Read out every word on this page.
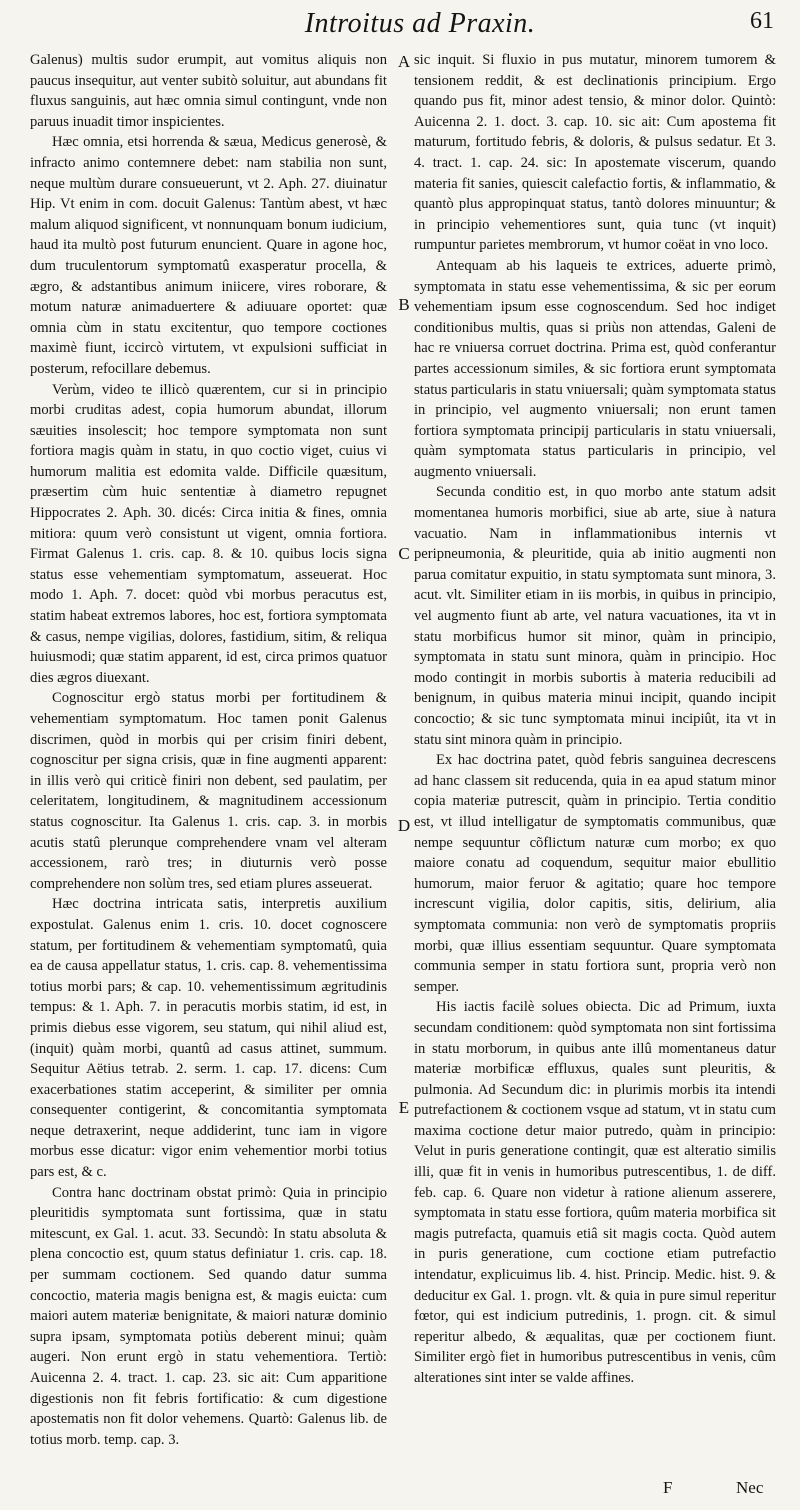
Introitus ad Praxin.	61

Galenus) multis sudor erumpit, aut vomitus aliquis non paucus insequitur, aut venter subitò soluitur, aut abundans fit fluxus sanguinis, aut hæc omnia simul contingunt, vnde non paruus inuadit timor inspicientes.

Hæc omnia, etsi horrenda & sæua, Medicus generosè, & infracto animo contemnere debet: nam stabilia non sunt, neque multùm durare consueuerunt, vt 2. Aph. 27. diuinatur Hip. Vt enim in com. docuit Galenus: Tantùm abest, vt hæc malum aliquod significent, vt nonnunquam bonum iudicium, haud ita multò post futurum enuncient. Quare in agone hoc, dum truculentorum symptomatû exasperatur procella, & ægro, & adstantibus animum iniicere, vires roborare, & motum naturæ animaduertere & adiuuare oportet: quæ omnia cùm in statu excitentur, quo tempore coctiones maximè fiunt, iccircò virtutem, vt expulsioni sufficiat in posterum, refocillare debemus.

Verùm, video te illicò quærentem, cur si in principio morbi cruditas adest, copia humorum abundat, illorum sæuities insolescit; hoc tempore symptomata non sunt fortiora magis quàm in statu, in quo coctio viget, cuius vi humorum malitia est edomita valde. Difficile quæsitum, præsertim cùm huic sententiæ à diametro repugnet Hippocrates 2. Aph. 30. dicés: Circa initia & fines, omnia mitiora: quum verò consistunt ut vigent, omnia fortiora. Firmat Galenus 1. cris. cap. 8. & 10. quibus locis signa status esse vehementiam symptomatum, asseuerat. Hoc modo 1. Aph. 7. docet: quòd vbi morbus peracutus est, statim habeat extremos labores, hoc est, fortiora symptomata & casus, nempe vigilias, dolores, fastidium, sitim, & reliqua huiusmodi; quæ statim apparent, id est, circa primos quatuor dies ægros diuexant.

Cognoscitur ergò status morbi per fortitudinem & vehementiam symptomatum. Hoc tamen ponit Galenus discrimen, quòd in morbis qui per crisim finiri debent, cognoscitur per signa crisis, quæ in fine augmenti apparent: in illis verò qui criticè finiri non debent, sed paulatim, per celeritatem, longitudinem, & magnitudinem accessionum status cognoscitur. Ita Galenus 1. cris. cap. 3. in morbis acutis statû plerunque comprehendere vnam vel alteram accessionem, rarò tres; in diuturnis verò posse comprehendere non solùm tres, sed etiam plures asseuerat.

Hæc doctrina intricata satis, interpretis auxilium expostulat. Galenus enim 1. cris. 10. docet cognoscere statum, per fortitudinem & vehementiam symptomatû, quia ea de causa appellatur status, 1. cris. cap. 8. vehementissima totius morbi pars; & cap. 10. vehementissimum ægritudinis tempus: & 1. Aph. 7. in peracutis morbis statim, id est, in primis diebus esse vigorem, seu statum, qui nihil aliud est, (inquit) quàm morbi, quantû ad casus attinet, summum. Sequitur Aëtius tetrab. 2. serm. 1. cap. 17. dicens: Cum exacerbationes statim acceperint, & similiter per omnia consequenter contigerint, & concomitantia symptomata neque detraxerint, neque addiderint, tunc iam in vigore morbus esse dicatur: vigor enim vehementior morbi totius pars est, & c.

Contra hanc doctrinam obstat primò: Quia in principio pleuritidis symptomata sunt fortissima, quæ in statu mitescunt, ex Gal. 1. acut. 33. Secundò: In statu absoluta & plena concoctio est, quum status definiatur 1. cris. cap. 18. per summam coctionem. Sed quando datur summa concoctio, materia magis benigna est, & magis euicta: cum maiori autem materiæ benignitate, & maiori naturæ dominio supra ipsam, symptomata potiùs deberent minui; quàm augeri. Non erunt ergò in statu vehementiora. Tertiò: Auicenna 2. 4. tract. 1. cap. 23. sic ait: Cum apparitione digestionis non fit febris fortificatio: & cum digestione apostematis non fit dolor vehemens. Quartò: Galenus lib. de totius morb. temp. cap. 3.

A
B
C
D
E

sic inquit. Si fluxio in pus mutatur, minorem tumorem & tensionem reddit, & est declinationis principium. Ergo quando pus fit, minor adest tensio, & minor dolor. Quintò: Auicenna 2. 1. doct. 3. cap. 10. sic ait: Cum apostema fit maturum, fortitudo febris, & doloris, & pulsus sedatur. Et 3. 4. tract. 1. cap. 24. sic: In apostemate viscerum, quando materia fit sanies, quiescit calefactio fortis, & inflammatio, & quantò plus appropinquat status, tantò dolores minuuntur; & in principio vehementiores sunt, quia tunc (vt inquit) rumpuntur parietes membrorum, vt humor coëat in vno loco.

Antequam ab his laqueis te extrices, aduerte primò, symptomata in statu esse vehementissima, & sic per eorum vehementiam ipsum esse cognoscendum. Sed hoc indiget conditionibus multis, quas si priùs non attendas, Galeni de hac re vniuersa corruet doctrina. Prima est, quòd conferantur partes accessionum similes, & sic fortiora erunt symptomata status particularis in statu vniuersali; quàm symptomata status in principio, vel augmento vniuersali; non erunt tamen fortiora symptomata principij particularis in statu vniuersali, quàm symptomata status particularis in principio, vel augmento vniuersali.

Secunda conditio est, in quo morbo ante statum adsit momentanea humoris morbifici, siue ab arte, siue à natura vacuatio. Nam in inflammationibus internis vt peripneumonia, & pleuritide, quia ab initio augmenti non parua comitatur expuitio, in statu symptomata sunt minora, 3. acut. vlt. Similiter etiam in iis morbis, in quibus in principio, vel augmento fiunt ab arte, vel natura vacuationes, ita vt in statu morbificus humor sit minor, quàm in principio, symptomata in statu sunt minora, quàm in principio. Hoc modo contingit in morbis subortis à materia reducibili ad benignum, in quibus materia minui incipit, quando incipit concoctio; & sic tunc symptomata minui incipiût, ita vt in statu sint minora quàm in principio.

Ex hac doctrina patet, quòd febris sanguinea decrescens ad hanc classem sit reducenda, quia in ea apud statum minor copia materiæ putrescit, quàm in principio. Tertia conditio est, vt illud intelligatur de symptomatis communibus, quæ nempe sequuntur cõflictum naturæ cum morbo; ex quo maiore conatu ad coquendum, sequitur maior ebullitio humorum, maior feruor & agitatio; quare hoc tempore increscunt vigilia, dolor capitis, sitis, delirium, alia symptomata communia: non verò de symptomatis propriis morbi, quæ illius essentiam sequuntur. Quare symptomata communia semper in statu fortiora sunt, propria verò non semper.

His iactis facilè solues obiecta. Dic ad Primum, iuxta secundam conditionem: quòd symptomata non sint fortissima in statu morborum, in quibus ante illû momentaneus datur materiæ morbificæ effluxus, quales sunt pleuritis, & pulmonia. Ad Secundum dic: in plurimis morbis ita intendi putrefactionem & coctionem vsque ad statum, vt in statu cum maxima coctione detur maior putredo, quàm in principio: Velut in puris generatione contingit, quæ est alteratio similis illi, quæ fit in venis in humoribus putrescentibus, 1. de diff. feb. cap. 6. Quare non videtur à ratione alienum asserere, symptomata in statu esse fortiora, quûm materia morbifica sit magis putrefacta, quamuis etiâ sit magis cocta. Quòd autem in puris generatione, cum coctione etiam putrefactio intendatur, explicuimus lib. 4. hist. Princip. Medic. hist. 9. & deducitur ex Gal. 1. progn. vlt. & quia in pure simul reperitur fœtor, qui est indicium putredinis, 1. progn. cit. & simul reperitur albedo, & æqualitas, quæ per coctionem fiunt. Similiter ergò fiet in humoribus putrescentibus in venis, cûm alterationes sint inter se valde affines.

F	Nec
